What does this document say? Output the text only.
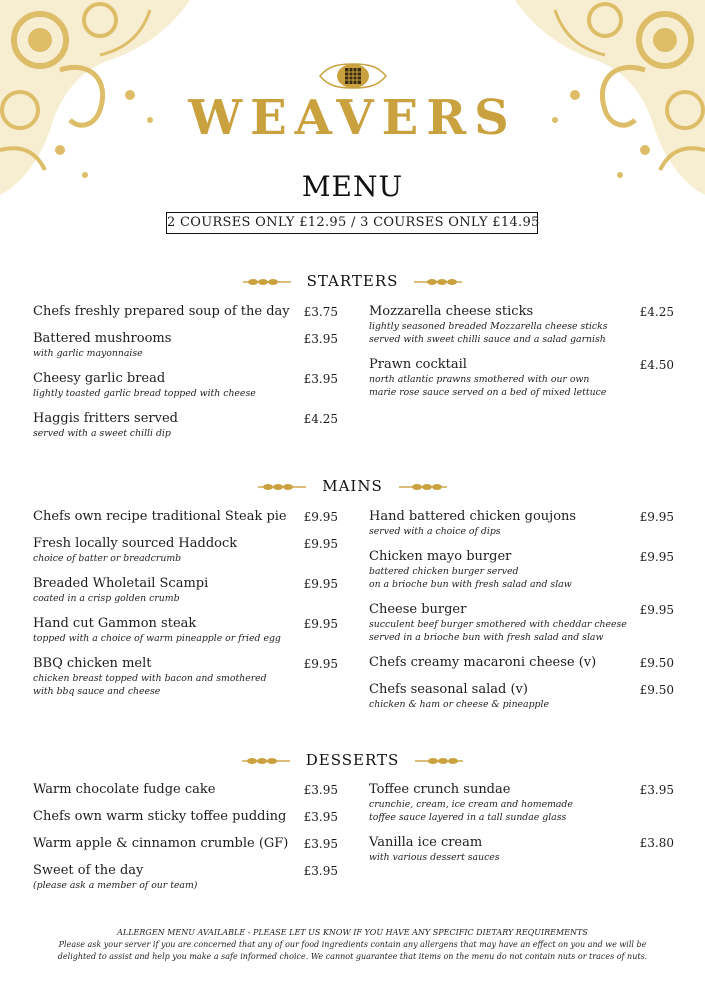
WEAVERS
MENU
2 COURSES ONLY £12.95 / 3 COURSES ONLY £14.95
STARTERS
Chefs freshly prepared soup of the day	£3.75
Battered mushrooms	£3.95
with garlic mayonnaise
Cheesy garlic bread	£3.95
lightly toasted garlic bread topped with cheese
Haggis fritters served	£4.25
served with a sweet chilli dip
Mozzarella cheese sticks	£4.25
lightly seasoned breaded Mozzarella cheese sticks
served with sweet chilli sauce and a salad garnish
Prawn cocktail	£4.50
north atlantic prawns smothered with our own
marie rose sauce served on a bed of mixed lettuce
MAINS
Chefs own recipe traditional Steak pie	£9.95
Fresh locally sourced Haddock	£9.95
choice of batter or breadcrumb
Breaded Wholetail Scampi	£9.95
coated in a crisp golden crumb
Hand cut Gammon steak	£9.95
topped with a choice of warm pineapple or fried egg
BBQ chicken melt	£9.95
chicken breast topped with bacon and smothered
with bbq sauce and cheese
Hand battered chicken goujons	£9.95
served with a choice of dips
Chicken mayo burger	£9.95
battered chicken burger served
on a brioche bun with fresh salad and slaw
Cheese burger	£9.95
succulent beef burger smothered with cheddar cheese
served in a brioche bun with fresh salad and slaw
Chefs creamy macaroni cheese (v)	£9.50
Chefs seasonal salad (v)	£9.50
chicken & ham or cheese & pineapple
DESSERTS
Warm chocolate fudge cake	£3.95
Chefs own warm sticky toffee pudding	£3.95
Warm apple & cinnamon crumble (GF)	£3.95
Sweet of the day	£3.95
(please ask a member of our team)
Toffee crunch sundae	£3.95
crunchie, cream, ice cream and homemade
toffee sauce layered in a tall sundae glass
Vanilla ice cream	£3.80
with various dessert sauces
ALLERGEN MENU AVAILABLE - PLEASE LET US KNOW IF YOU HAVE ANY SPECIFIC DIETARY REQUIREMENTS
Please ask your server if you are concerned that any of our food ingredients contain any allergens that may have an effect on you and we will be
delighted to assist and help you make a safe informed choice. We cannot guarantee that items on the menu do not contain nuts or traces of nuts.
